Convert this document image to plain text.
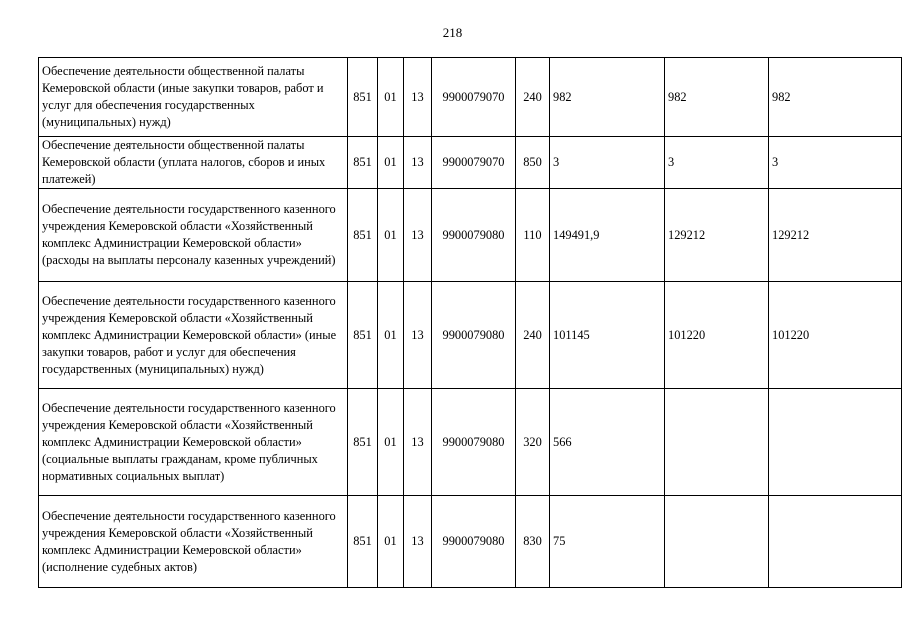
218
Обеспечение деятельности общественной палаты Кемеровской области (иные закупки товаров, работ и услуг для обеспечения государственных (муниципальных) нужд)	851	01	13	9900079070	240	982	982	982
Обеспечение деятельности общественной палаты Кемеровской области (уплата налогов, сборов и иных платежей)	851	01	13	9900079070	850	3	3	3
Обеспечение деятельности государственного казенного учреждения Кемеровской области «Хозяйственный комплекс Администрации Кемеровской области» (расходы на выплаты персоналу казенных учреждений)	851	01	13	9900079080	110	149491,9	129212	129212
Обеспечение деятельности государственного казенного учреждения Кемеровской области «Хозяйственный комплекс Администрации Кемеровской области» (иные закупки товаров, работ и услуг для обеспечения государственных (муниципальных) нужд)	851	01	13	9900079080	240	101145	101220	101220
Обеспечение деятельности государственного казенного учреждения Кемеровской области «Хозяйственный комплекс Администрации Кемеровской области» (социальные выплаты гражданам, кроме публичных нормативных социальных выплат)	851	01	13	9900079080	320	566		
Обеспечение деятельности государственного казенного учреждения Кемеровской области «Хозяйственный комплекс Администрации Кемеровской области» (исполнение судебных актов)	851	01	13	9900079080	830	75		
